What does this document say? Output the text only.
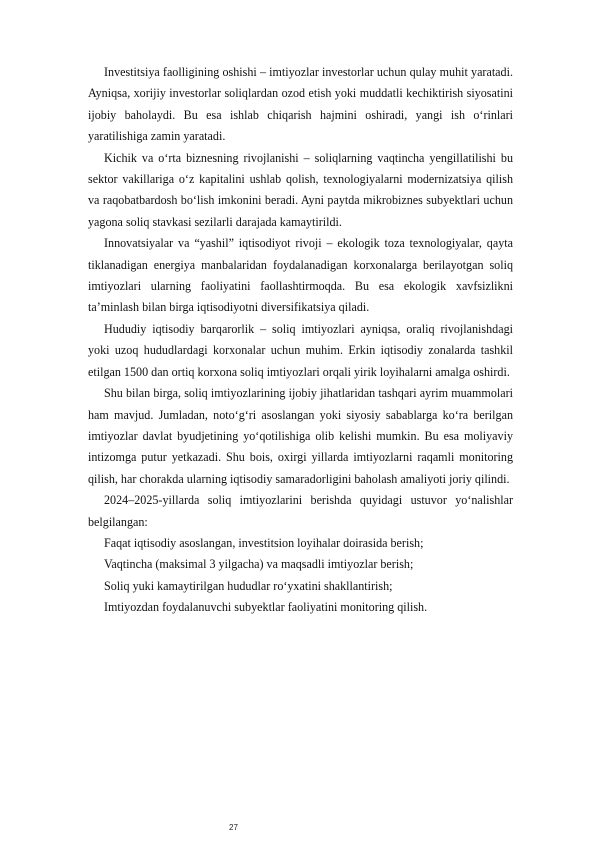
Investitsiya faolligining oshishi – imtiyozlar investorlar uchun qulay muhit yaratadi. Ayniqsa, xorijiy investorlar soliqlardan ozod etish yoki muddatli kechiktirish siyosatini ijobiy baholaydi. Bu esa ishlab chiqarish hajmini oshiradi, yangi ish o‘rinlari yaratilishiga zamin yaratadi.

Kichik va o‘rta biznesning rivojlanishi – soliqlarning vaqtincha yengillatilishi bu sektor vakillariga o‘z kapitalini ushlab qolish, texnologiyalarni modernizatsiya qilish va raqobatbardosh bo‘lish imkonini beradi. Ayni paytda mikrobiznes subyektlari uchun yagona soliq stavkasi sezilarli darajada kamaytirildi.

Innovatsiyalar va “yashil” iqtisodiyot rivoji – ekologik toza texnologiyalar, qayta tiklanadigan energiya manbalaridan foydalanadigan korxonalarga berilayotgan soliq imtiyozlari ularning faoliyatini faollashtirmoqda. Bu esa ekologik xavfsizlikni ta’minlash bilan birga iqtisodiyotni diversifikatsiya qiladi.

Hududiy iqtisodiy barqarorlik – soliq imtiyozlari ayniqsa, oraliq rivojlanishdagi yoki uzoq hududlardagi korxonalar uchun muhim. Erkin iqtisodiy zonalarda tashkil etilgan 1500 dan ortiq korxona soliq imtiyozlari orqali yirik loyihalarni amalga oshirdi.

Shu bilan birga, soliq imtiyozlarining ijobiy jihatlaridan tashqari ayrim muammolari ham mavjud. Jumladan, noto‘g‘ri asoslangan yoki siyosiy sabablarga ko‘ra berilgan imtiyozlar davlat byudjetining yo‘qotilishiga olib kelishi mumkin. Bu esa moliyaviy intizomga putur yetkazadi. Shu bois, oxirgi yillarda imtiyozlarni raqamli monitoring qilish, har chorakda ularning iqtisodiy samaradorligini baholash amaliyoti joriy qilindi.

2024–2025-yillarda soliq imtiyozlarini berishda quyidagi ustuvor yo‘nalishlar belgilangan:

Faqat iqtisodiy asoslangan, investitsion loyihalar doirasida berish;

Vaqtincha (maksimal 3 yilgacha) va maqsadli imtiyozlar berish;

Soliq yuki kamaytirilgan hududlar ro‘yxatini shakllantirish;

Imtiyozdan foydalanuvchi subyektlar faoliyatini monitoring qilish.

27
